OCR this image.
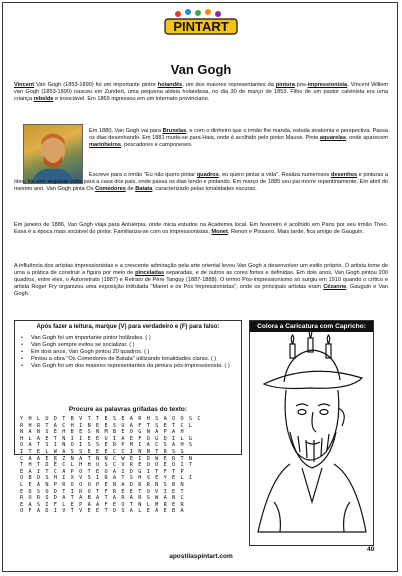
PINTART
Van Gogh

Vincent Van Gogh (1853-1890) foi um importante pintor holandês, um dos maiores representantes da pintura pós-impressionista. Vincent Willem van Gogh (1853-1890) nasceu em Zundert, uma pequena aldeia holandesa, no dia 30 de março de 1853. Filho de um pastor calvinista era uma criança rebelde e insociável. Em 1869 ingressou em um internato provinciano.

Em 1880, Van Gogh vai para Bruxelas, e com o dinheiro que o irmão lhe manda, estuda anatomia e perspectiva. Passa os dias desenhando. Em 1881 muda-se para Haia, onde é acolhido pelo pintor Mauve. Pinta aquarelas, onde aparecem marinheiros, pescadores e camponeses.

Escreve para o irmão "Eu não quero pintar quadros, eu quero pintar a vida". Realiza numerosos desenhos e pinturas a óleo. No ano seguinte volta para a casa dos pais, onde passa os dias lendo e pintando. Em março de 1885 seu pai morre repentinamente. Em abril do mesmo ano, Van Gogh pinta Os Comedores de Batata, caracterizado pelas tonalidades escuras.

Em janeiro de 1886, Van Gogh viaja para Antuérpia, onde inicia estudos na Academia local. Em fevereiro é acolhido em Paris por seu irmão Theo. Essa é a época mais sociável do pintor. Familiariza-se com os impressionistas, Monet, Renoir e Pissarro. Mais tarde, fica amigo de Gauguin.

A influência dos artistas impressionistas e a crescente admiração pela arte oriental levou Van Gogh a desenvolver um estilo próprio. O artista tome de uma a prática de construir a figura por meio de pinceladas separadas, e de outros as cores fortes e definidas. Em dois anos, Van Gogh pintou 200 quadros, entre eles, o Autorretrato (1887) e Retrato de Père Tanguy (1887-1888). O termo Pós-impressionismo só surgiu em 1910 quando o crítico e artista Roger Fry organizou uma exposição intitulada "Manet e os Pós Impressionistas", onde os principais artistas eram Cézanne, Gauguin e Van Gogh.

Após fazer a leitura, marque (V) para verdadeiro e (F) para falso:
• Van Gogh foi um importante pintor holândes. ( )
• Van Gogh sempre evitou se socializar. ( )
• Em dois anos, Van Gogh pintou 20 quadros. ( )
• Pintou a obra "Os Comedores de Batata" utilizando tonalidades claras. ( )
• Van Gogh foi um dos maiores representantes da pintura pós-impressionista. ( )
Procure as palavras grifadas do texto:
Y H L U D T B V T T E S E A R H S A O O S C
R H R T A C H I N E E S U A F T S E T C L
N A N S E H B E S N M B E O G N A P A H
H L A E T N I I E E U I A E F O G D I L G
O A T S I N O I S S E R P M I A C S A H S
I T E L W A S S E E E C C I N N T R S S
C A A E R Z N A T N N C W E I D W E R T N
T H T D É C L H H U S C V R E O O E O I T
E A I T C A P O T E O A I D G I T F T P
O B O S H I X V S I R A T S H S E Y E L I
L E A N P R O O U P E N A D R R N S B N
E D S O D T I R O T F R E E T O V I E T
R U R S D A T A B A T A R A R S W A N C
E A S I F L E P A A F E O T N L M R E R
O F A D I V T V E E T D S A L E A E B A
Colora a Caricatura com Capricho:
apostilaspintart.com
40
